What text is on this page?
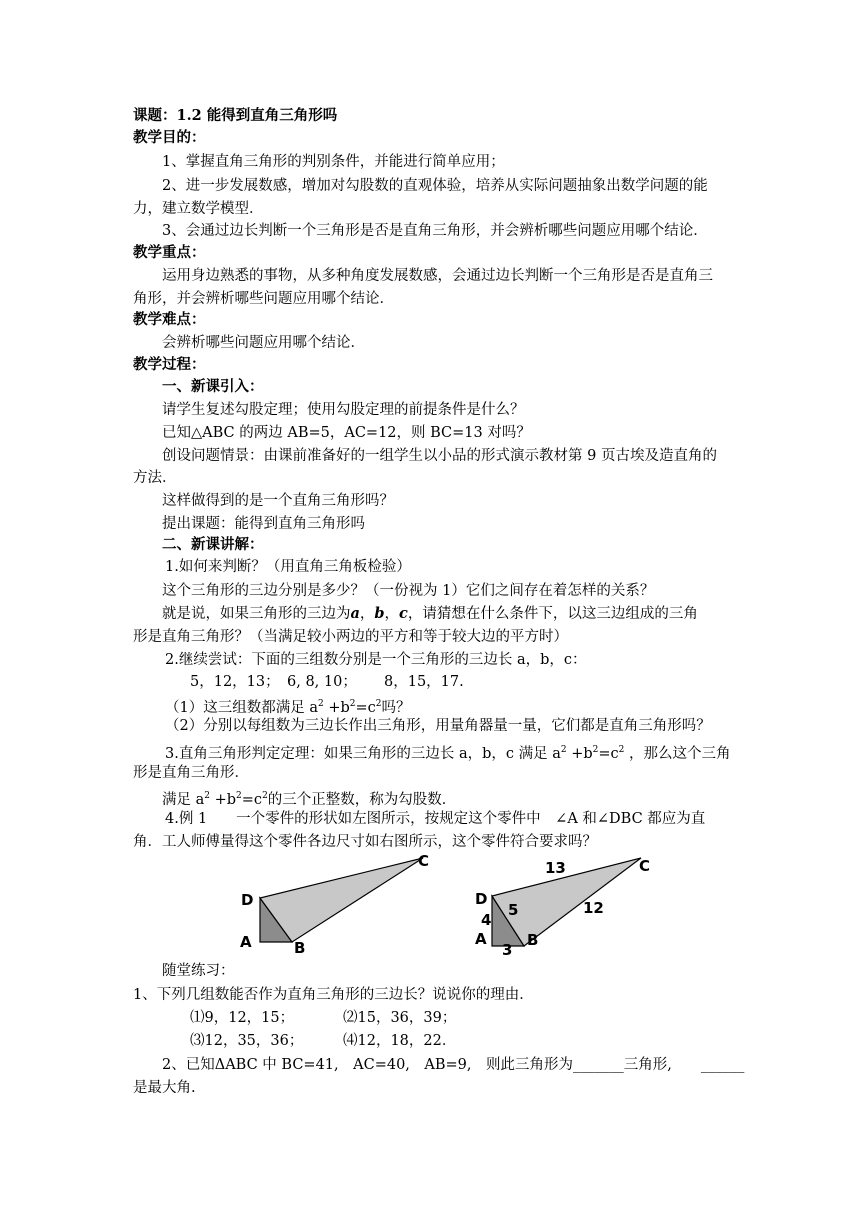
课题：1.2 能得到直角三角形吗
教学目的：
1、掌握直角三角形的判别条件，并能进行简单应用；
2、进一步发展数感，增加对勾股数的直观体验，培养从实际问题抽象出数学问题的能
力，建立数学模型．
3、会通过边长判断一个三角形是否是直角三角形，并会辨析哪些问题应用哪个结论．
教学重点：
运用身边熟悉的事物，从多种角度发展数感，会通过边长判断一个三角形是否是直角三
角形，并会辨析哪些问题应用哪个结论．
教学难点：
会辨析哪些问题应用哪个结论．
教学过程：
一、新课引入：
请学生复述勾股定理；使用勾股定理的前提条件是什么？
已知△ABC 的两边 AB=5，AC=12，则 BC=13 对吗？
创设问题情景：由课前准备好的一组学生以小品的形式演示教材第 9 页古埃及造直角的
方法．
这样做得到的是一个直角三角形吗？
提出课题：能得到直角三角形吗
二、新课讲解：
1.如何来判断？（用直角三角板检验）
这个三角形的三边分别是多少？（一份视为 1）它们之间存在着怎样的关系？
就是说，如果三角形的三边为a，b，c，请猜想在什么条件下，以这三边组成的三角
形是直角三角形？（当满足较小两边的平方和等于较大边的平方时）
2.继续尝试：下面的三组数分别是一个三角形的三边长 a，b，c：
5，12，13； 6, 8, 10； 8，15，17.
（1）这三组数都满足 $a^2 +b^2=c^2$吗？
（2）分别以每组数为三边长作出三角形，用量角器量一量，它们都是直角三角形吗？
3.直角三角形判定定理：如果三角形的三边长 a，b，c 满足 $a^2 +b^2=c^2$ ，那么这个三角
形是直角三角形．
满足 $a^2 +b^2=c^2$的三个正整数，称为勾股数．
4.例 1　　一个零件的形状如左图所示，按规定这个零件中　∠A 和∠DBC 都应为直
角．工人师傅量得这个零件各边尺寸如右图所示，这个零件符合要求吗？
C
D
A	B
C
D
A	B
13
12
5
4
3
随堂练习：
1、下列几组数能否作为直角三角形的三边长？说说你的理由．
⑴9，12，15；	⑵15，36，39；
⑶12，35，36；	⑷12，18，22．
2、已知ΔABC 中 BC=41,　AC=40,　AB=9,　则此三角形为_______三角形,　　______
是最大角.
